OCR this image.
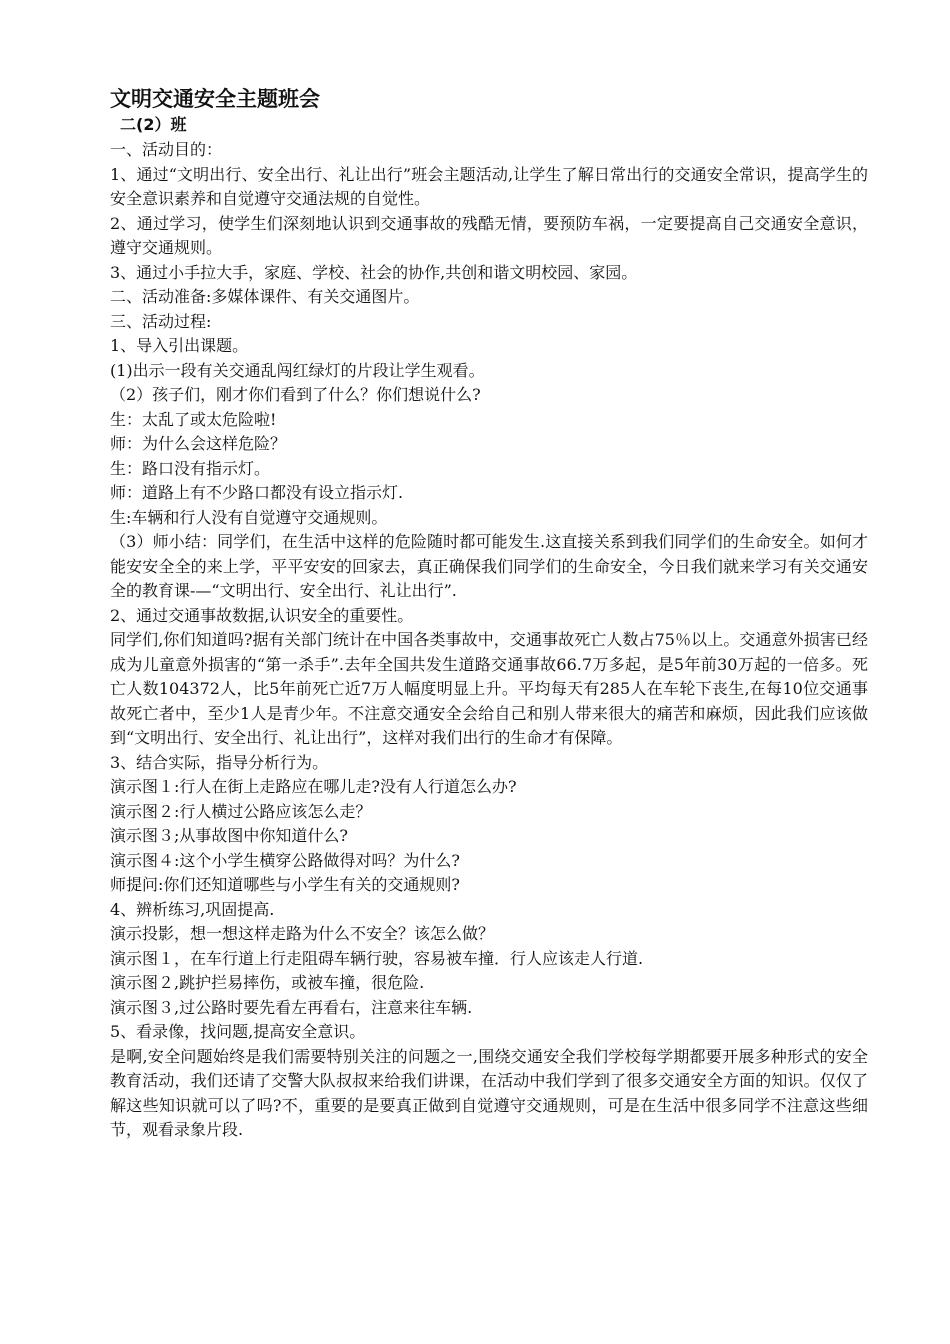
文明交通安全主题班会
二(2）班

一、活动目的：

1、通过“文明出行、安全出行、礼让出行”班会主题活动,让学生了解日常出行的交通安全常识，提高学生的安全意识素养和自觉遵守交通法规的自觉性。

2、通过学习，使学生们深刻地认识到交通事故的残酷无情，要预防车祸，一定要提高自己交通安全意识，遵守交通规则。

3、通过小手拉大手，家庭、学校、社会的协作,共创和谐文明校园、家园。

二、活动准备:多媒体课件、有关交通图片。

三、活动过程:

1、导入引出课题。

(1)出示一段有关交通乱闯红绿灯的片段让学生观看。

（2）孩子们，刚才你们看到了什么？你们想说什么?

生：太乱了或太危险啦!

师：为什么会这样危险？

生：路口没有指示灯。

师：道路上有不少路口都没有设立指示灯.

生:车辆和行人没有自觉遵守交通规则。

（3）师小结：同学们，在生活中这样的危险随时都可能发生.这直接关系到我们同学们的生命安全。如何才能安安全全的来上学，平平安安的回家去，真正确保我们同学们的生命安全，今日我们就来学习有关交通安全的教育课-—“文明出行、安全出行、礼让出行”.

2、通过交通事故数据,认识安全的重要性。

同学们,你们知道吗?据有关部门统计在中国各类事故中，交通事故死亡人数占75％以上。交通意外损害已经成为儿童意外损害的“第一杀手”.去年全国共发生道路交通事故66.7万多起，是5年前30万起的一倍多。死亡人数104372人，比5年前死亡近7万人幅度明显上升。平均每天有285人在车轮下丧生,在每10位交通事故死亡者中，至少1人是青少年。不注意交通安全会给自己和别人带来很大的痛苦和麻烦，因此我们应该做到“文明出行、安全出行、礼让出行”，这样对我们出行的生命才有保障。

3、结合实际，指导分析行为。

演示图１:行人在街上走路应在哪儿走?没有人行道怎么办?

演示图２:行人横过公路应该怎么走？

演示图３;从事故图中你知道什么?

演示图４:这个小学生横穿公路做得对吗？为什么?

师提问:你们还知道哪些与小学生有关的交通规则?

4、辨析练习,巩固提高.

演示投影，想一想这样走路为什么不安全？该怎么做？

演示图１，在车行道上行走阻碍车辆行驶，容易被车撞．行人应该走人行道.

演示图２,跳护拦易摔伤，或被车撞，很危险.

演示图３,过公路时要先看左再看右，注意来往车辆.

5、看录像，找问题,提高安全意识。

是啊,安全问题始终是我们需要特别关注的问题之一,围绕交通安全我们学校每学期都要开展多种形式的安全教育活动，我们还请了交警大队叔叔来给我们讲课，在活动中我们学到了很多交通安全方面的知识。仅仅了解这些知识就可以了吗?不，重要的是要真正做到自觉遵守交通规则，可是在生活中很多同学不注意这些细节，观看录象片段.
